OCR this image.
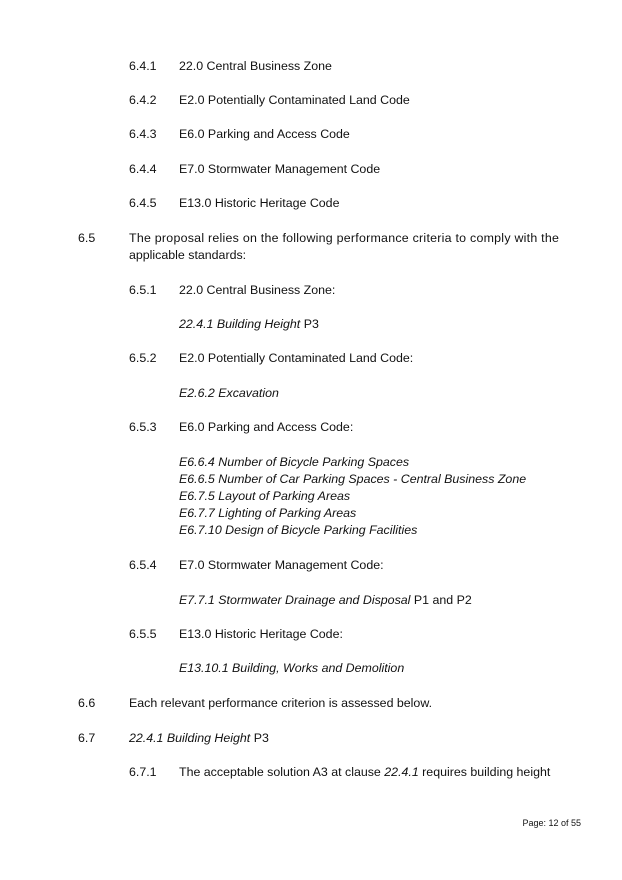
6.4.1 22.0 Central Business Zone
6.4.2 E2.0 Potentially Contaminated Land Code
6.4.3 E6.0 Parking and Access Code
6.4.4 E7.0 Stormwater Management Code
6.4.5 E13.0 Historic Heritage Code
6.5	The proposal relies on the following performance criteria to comply with the
applicable standards:
6.5.1 22.0 Central Business Zone:
22.4.1 Building Height P3
6.5.2 E2.0 Potentially Contaminated Land Code:
E2.6.2 Excavation
6.5.3 E6.0 Parking and Access Code:
E6.6.4 Number of Bicycle Parking Spaces
E6.6.5 Number of Car Parking Spaces - Central Business Zone
E6.7.5 Layout of Parking Areas
E6.7.7 Lighting of Parking Areas
E6.7.10 Design of Bicycle Parking Facilities
6.5.4 E7.0 Stormwater Management Code:
E7.7.1 Stormwater Drainage and Disposal P1 and P2
6.5.5 E13.0 Historic Heritage Code:
E13.10.1 Building, Works and Demolition
6.6	Each relevant performance criterion is assessed below.
6.7	22.4.1 Building Height P3
6.7.1 The acceptable solution A3 at clause 22.4.1 requires building height
Page: 12 of 55
